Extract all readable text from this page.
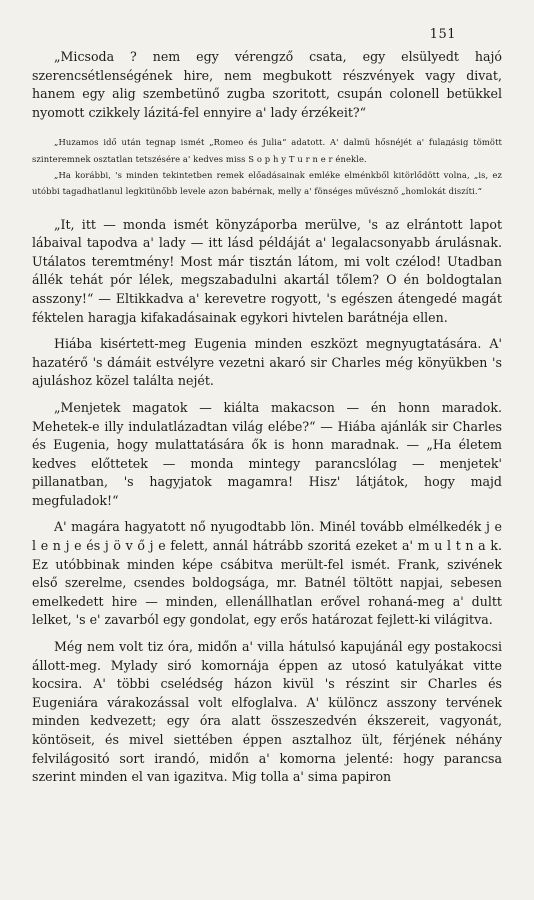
151

„Micsoda ? nem egy vérengző csata, egy elsülyedt hajó szerencsétlenségének hire, nem megbukott részvények vagy divat, hanem egy alig szembetünő zugba szoritott, csupán colonell betükkel nyomott czikkely lázitá-fel ennyire a' lady érzékeit?“

„Huzamos idő után tegnap ismét „Romeo és Julia“ adatott. A' dalmü hősnéjét a' fulaдásig tömött szinteremnek osztatlan tetszésére a' kedves miss S o p h y T u r n e r énekle.

„Ha korábbi, 's minden tekintetben remek előadásainak emléke elménkből kitörlődött volna, „is, ez utóbbi tagadhatlanul legkitünőbb levele azon babérnak, melly a' fönséges művésznő „homlokát diszíti.“

„It, itt — monda ismét könyzáporba merülve, 's az elrántott lapot lábaival tapodva a' lady — itt lásd példáját a' legalacsonyabb árulásnak. Utálatos teremtmény! Most már tisztán látom, mi volt czélod! Utadban állék tehát pór lélek, megszabadulni akartál tőlem? O én boldogtalan asszony!“ — Eltikkadva a' kerevetre rogyott, 's egészen átengedé magát féktelen haragja kifakadásainak egykori hivtelen barátnéja ellen.

Hiába kisértett-meg Eugenia minden eszközt megnyugtatására. A' hazatérő 's dámáit estvélyre vezetni akaró sir Charles még könyükben 's ajuláshoz közel találta nejét.

„Menjetek magatok — kiálta makacson — én honn maradok. Mehetek-e illy indulatlázadtan világ elébe?“ — Hiába ajánlák sir Charles és Eugenia, hogy mulattatására ők is honn maradnak. — „Ha életem kedves előttetek — monda mintegy parancslólag — menjetek' pillanatban, 's hagyjatok magamra! Hisz' látjátok, hogy majd megfuladok!“

A' magára hagyatott nő nyugodtabb lön. Minél tovább elmélkedék j e l e n j e és j ö v ő j e felett, annál hátrább szoritá ezeket a' m u l t n a k. Ez utóbbinak minden képe csábitva merült-fel ismét. Frank, szivének első szerelme, csendes boldogsága, mr. Batnél töltött napjai, sebesen emelkedett hire — minden, ellenállhatlan erővel rohaná-meg a' dultt lelket, 's e' zavarból egy gondolat, egy erős határozat fejlett-ki világitva.

Még nem volt tiz óra, midőn a' villa hátulsó kapujánál egy postakocsi állott-meg. Mylady siró komornája éppen az utosó katulyákat vitte kocsira. A' többi cselédség házon kivül 's részint sir Charles és Eugeniára várakozással volt elfoglalva. A' különcz asszony tervének minden kedvezett; egy óra alatt összeszedvén ékszereit, vagyonát, köntöseit, és mivel siettében éppen asztalhoz ült, férjének néhány felvilágositó sort irandó, midőn a' komorna jelenté: hogy parancsa szerint minden el van igazitva. Mig tolla a' sima papiron
